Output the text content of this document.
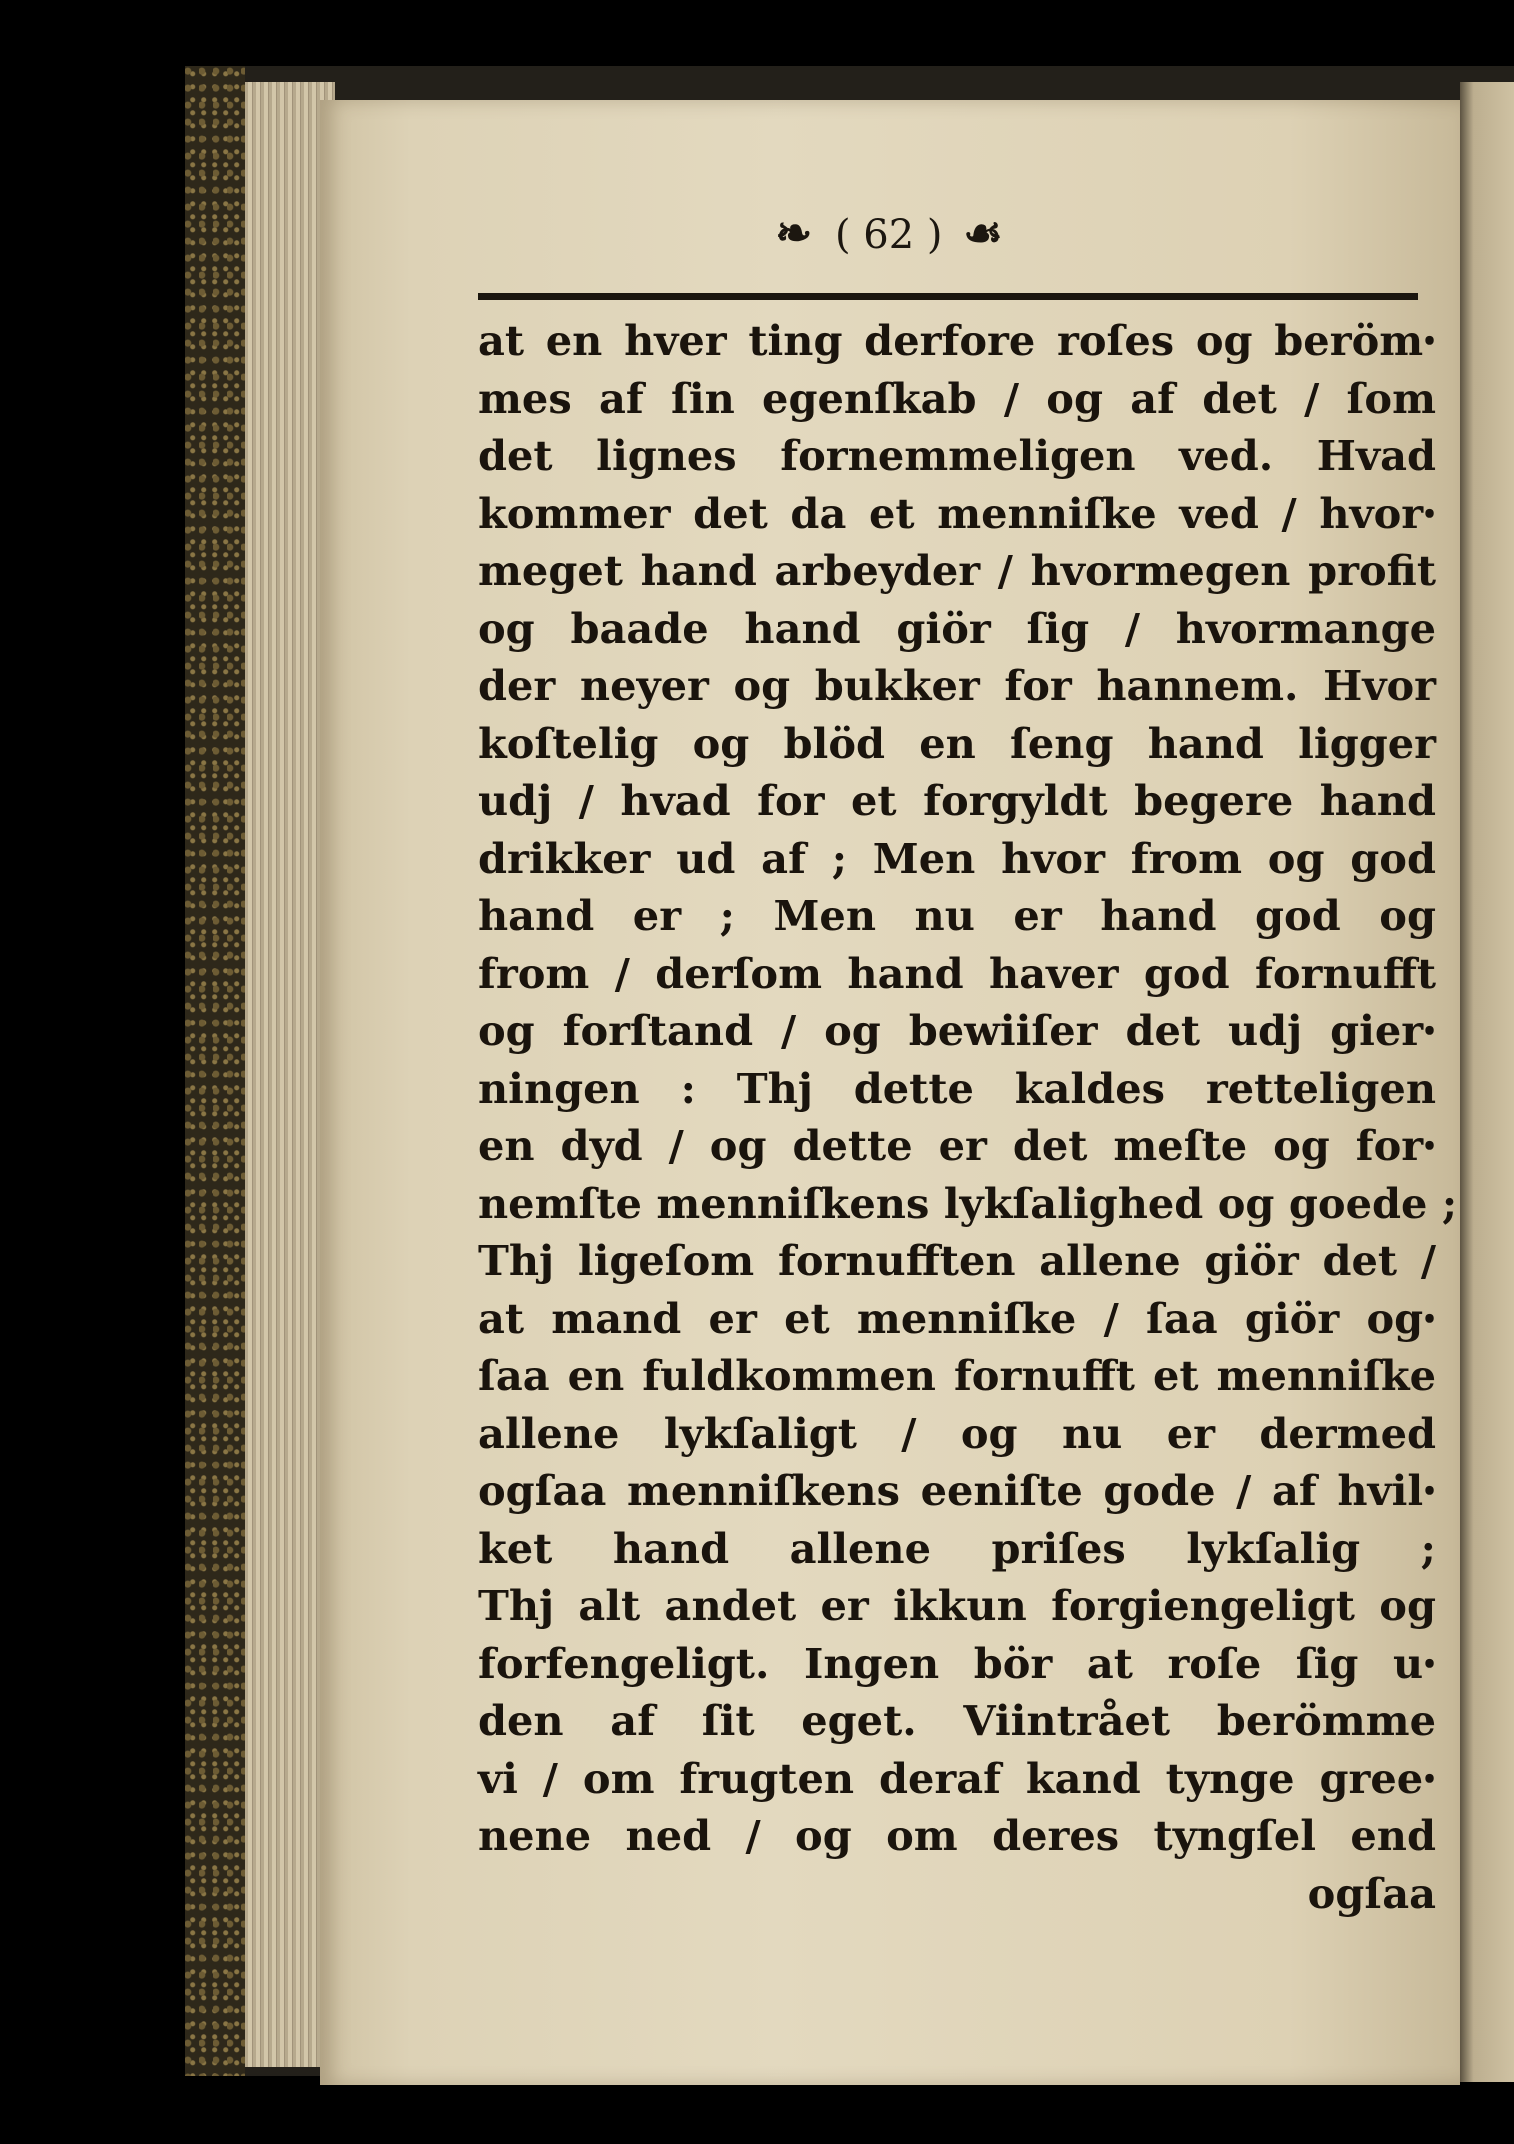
❧ ( 62 ) ☙
at en hver ting derfore roſes og berömꞏ
mes af ſin egenſkab / og af det / ſom
det lignes fornemmeligen ved. Hvad
kommer det da et menniſke ved / hvorꞏ
meget hand arbeyder / hvormegen profit
og baade hand giör ſig / hvormange
der neyer og bukker for hannem. Hvor
koſtelig og blöd en ſeng hand ligger
udj / hvad for et forgyldt begere hand
drikker ud af ; Men hvor from og god
hand er ; Men nu er hand god og
from / derſom hand haver god fornufft
og forſtand / og bewiiſer det udj gierꞏ
ningen : Thj dette kaldes retteligen
en dyd / og dette er det meſte og forꞏ
nemſte menniſkens lykſalighed og goede ;
Thj ligeſom fornufften allene giör det /
at mand er et menniſke / ſaa giör ogꞏ
ſaa en fuldkommen fornufft et menniſke
allene lykſaligt / og nu er dermed
ogſaa menniſkens eeniſte gode / af hvilꞏ
ket hand allene priſes lykſalig ;
Thj alt andet er ikkun forgiengeligt og
forfengeligt. Ingen bör at roſe ſig uꞏ
den af ſit eget. Viintrået berömme
vi / om frugten deraf kand tynge greeꞏ
nene ned / og om deres tyngſel end
ogſaa
